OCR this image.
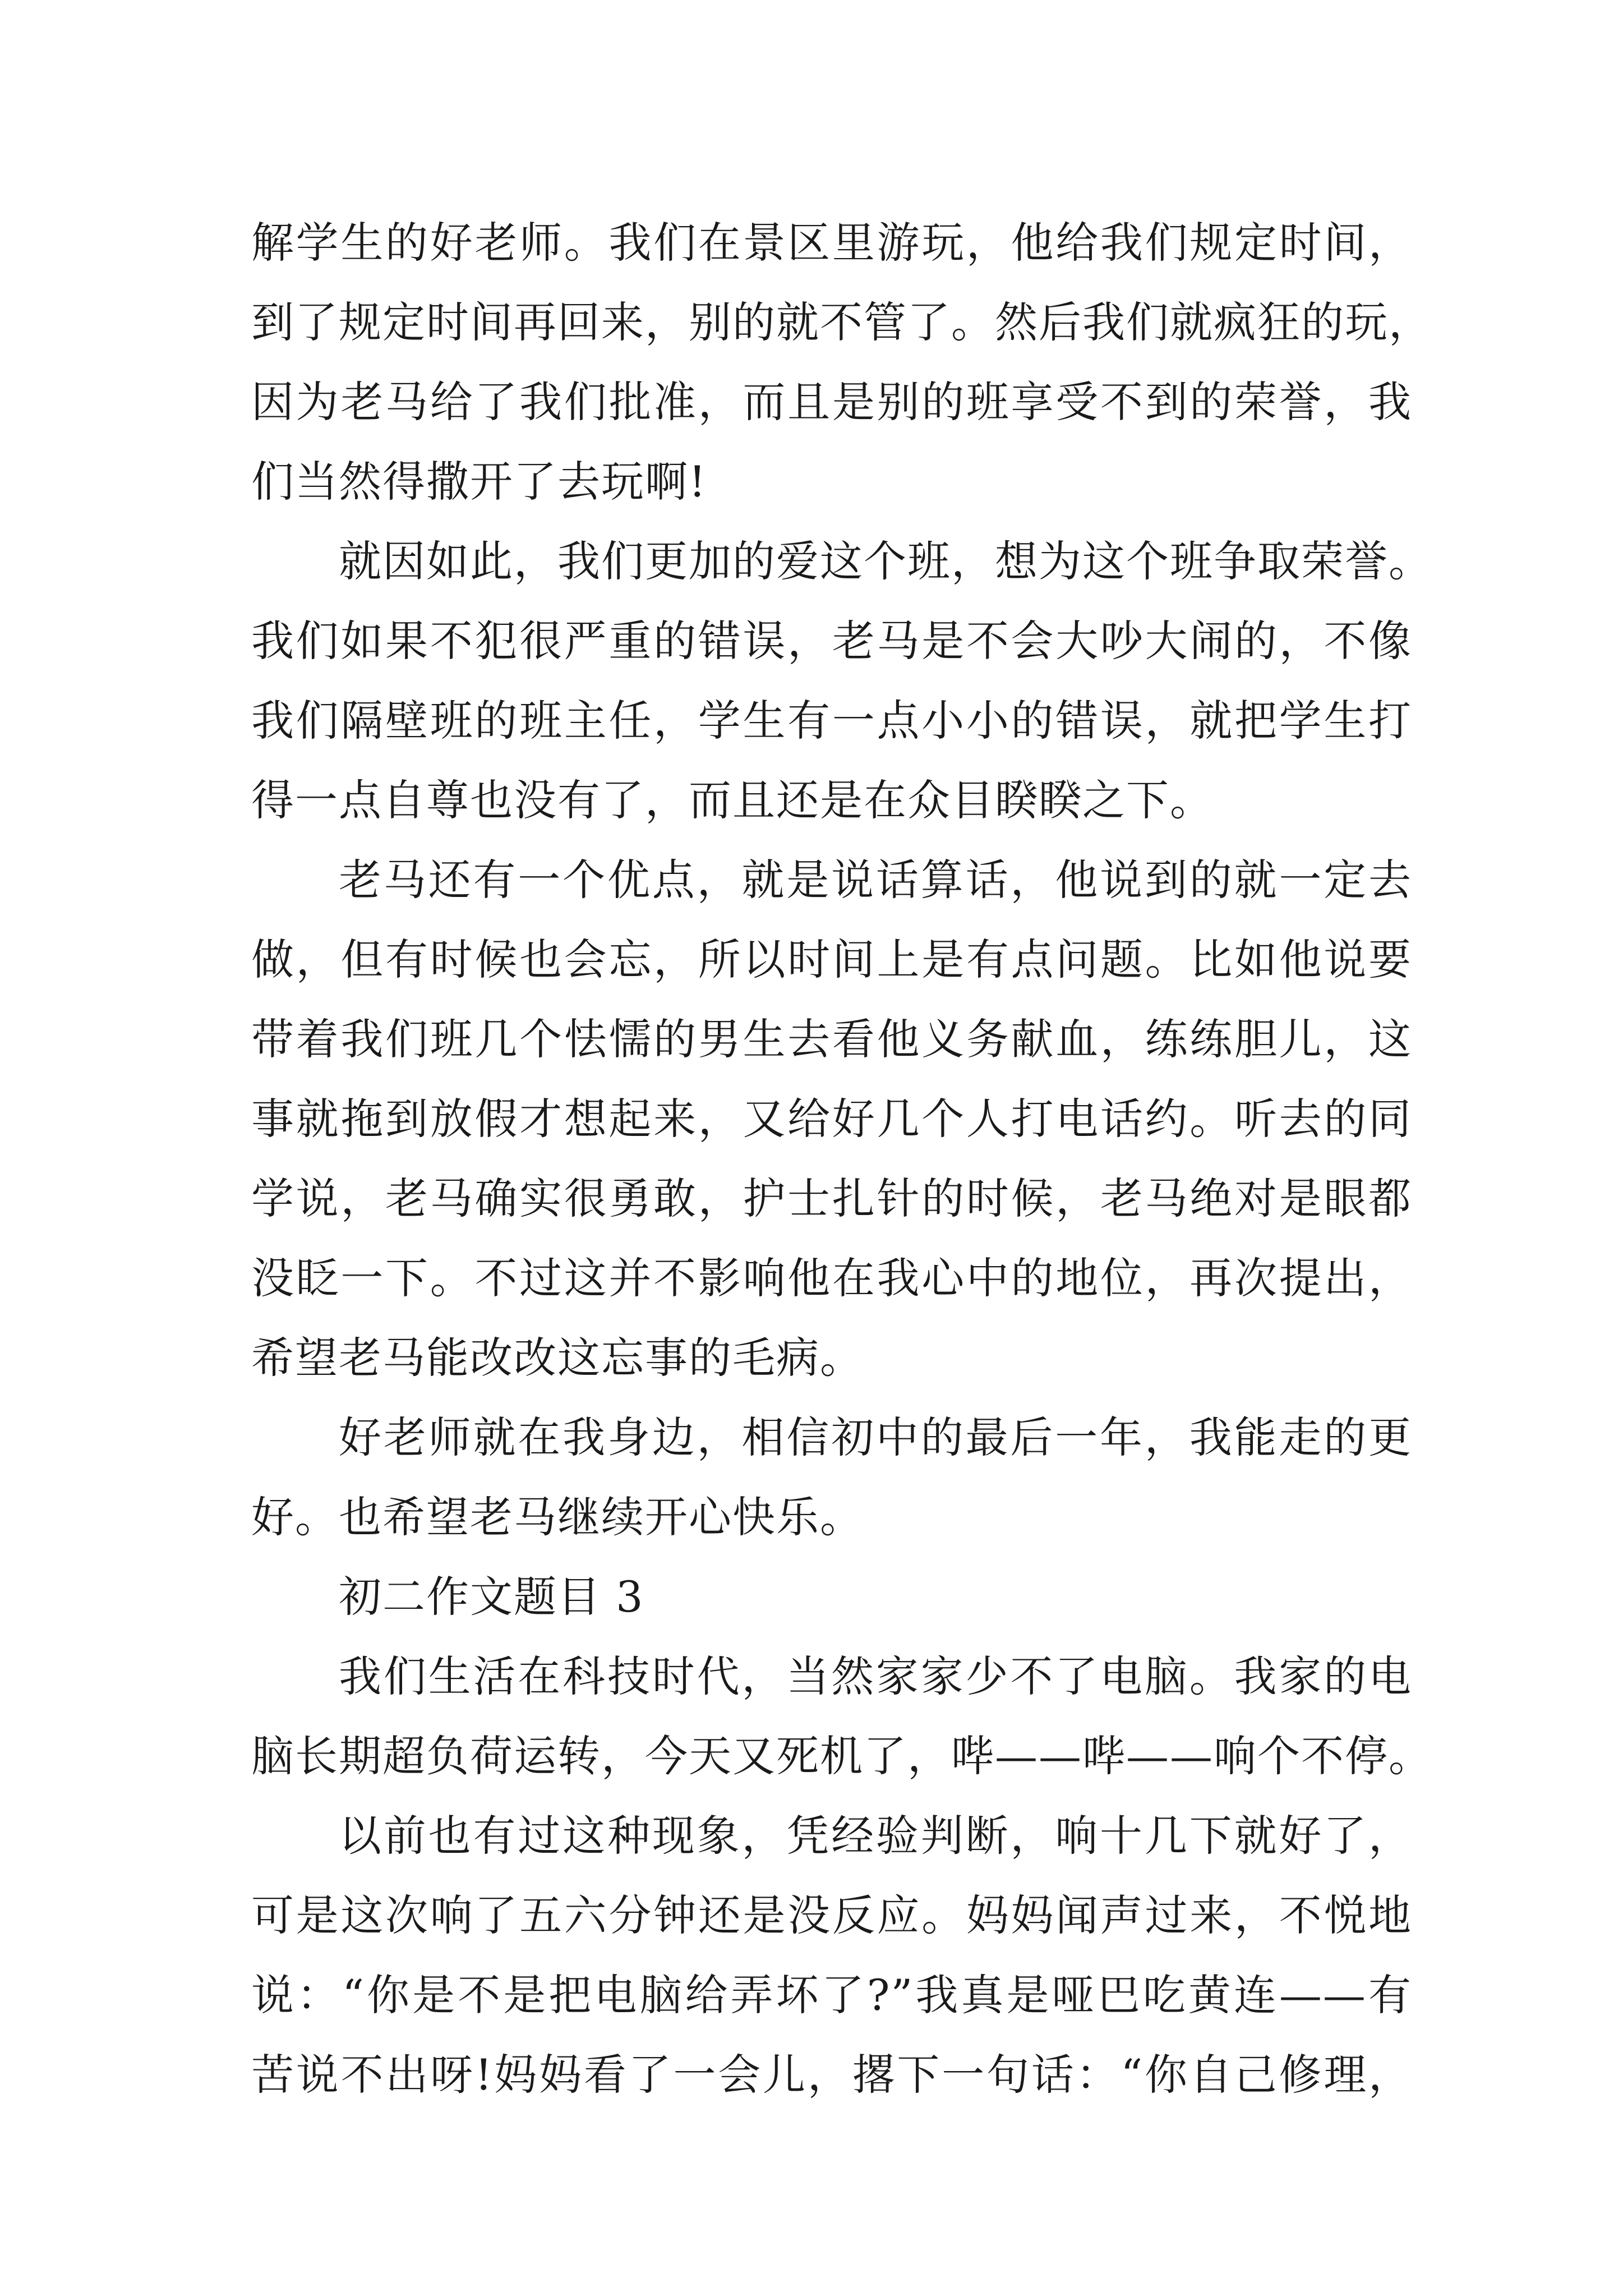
解学生的好老师。我们在景区里游玩，他给我们规定时间，
到了规定时间再回来，别的就不管了。然后我们就疯狂的玩，
因为老马给了我们批准，而且是别的班享受不到的荣誉，我
们当然得撒开了去玩啊!
就因如此，我们更加的爱这个班，想为这个班争取荣誉。
我们如果不犯很严重的错误，老马是不会大吵大闹的，不像
我们隔壁班的班主任，学生有一点小小的错误，就把学生打
得一点自尊也没有了，而且还是在众目睽睽之下。
老马还有一个优点，就是说话算话，他说到的就一定去
做，但有时候也会忘，所以时间上是有点问题。比如他说要
带着我们班几个怯懦的男生去看他义务献血，练练胆儿，这
事就拖到放假才想起来，又给好几个人打电话约。听去的同
学说，老马确实很勇敢，护士扎针的时候，老马绝对是眼都
没眨一下。不过这并不影响他在我心中的地位，再次提出，
希望老马能改改这忘事的毛病。
好老师就在我身边，相信初中的最后一年，我能走的更
好。也希望老马继续开心快乐。
初二作文题目 3
我们生活在科技时代，当然家家少不了电脑。我家的电
脑长期超负荷运转，今天又死机了，哔——哔——响个不停。
以前也有过这种现象，凭经验判断，响十几下就好了，
可是这次响了五六分钟还是没反应。妈妈闻声过来，不悦地
说：“你是不是把电脑给弄坏了?”我真是哑巴吃黄连——有
苦说不出呀!妈妈看了一会儿，撂下一句话：“你自己修理，
